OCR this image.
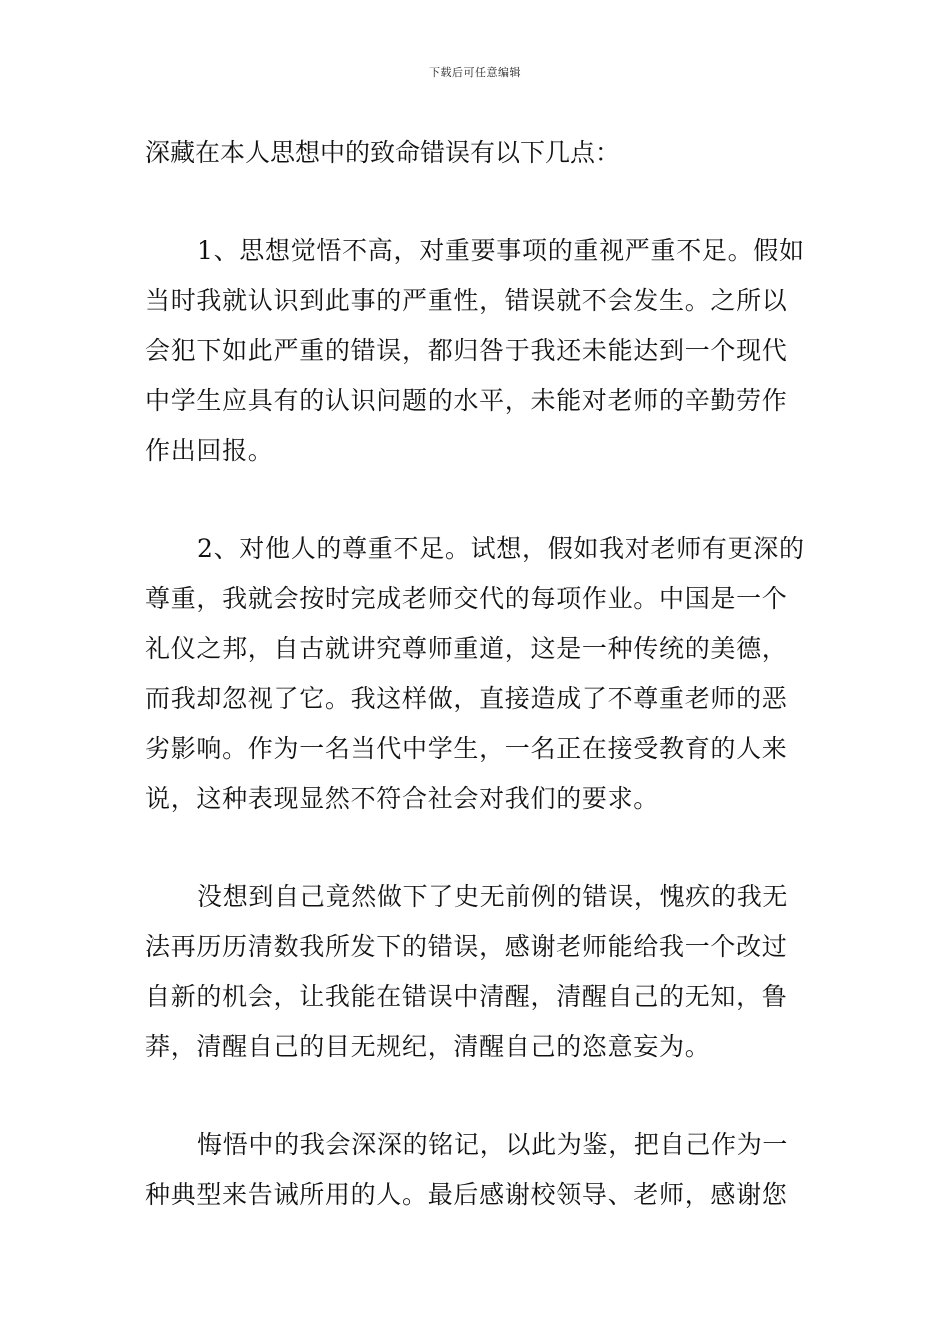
下载后可任意编辑

深藏在本人思想中的致命错误有以下几点：

1、思想觉悟不高，对重要事项的重视严重不足。假如
当时我就认识到此事的严重性，错误就不会发生。之所以
会犯下如此严重的错误，都归咎于我还未能达到一个现代
中学生应具有的认识问题的水平，未能对老师的辛勤劳作
作出回报。
2、对他人的尊重不足。试想，假如我对老师有更深的
尊重，我就会按时完成老师交代的每项作业。中国是一个
礼仪之邦，自古就讲究尊师重道，这是一种传统的美德，
而我却忽视了它。我这样做，直接造成了不尊重老师的恶
劣影响。作为一名当代中学生，一名正在接受教育的人来
说，这种表现显然不符合社会对我们的要求。
没想到自己竟然做下了史无前例的错误，愧疚的我无
法再历历清数我所发下的错误，感谢老师能给我一个改过
自新的机会，让我能在错误中清醒，清醒自己的无知，鲁
莽，清醒自己的目无规纪，清醒自己的恣意妄为。
悔悟中的我会深深的铭记，以此为鉴，把自己作为一
种典型来告诫所用的人。最后感谢校领导、老师，感谢您
